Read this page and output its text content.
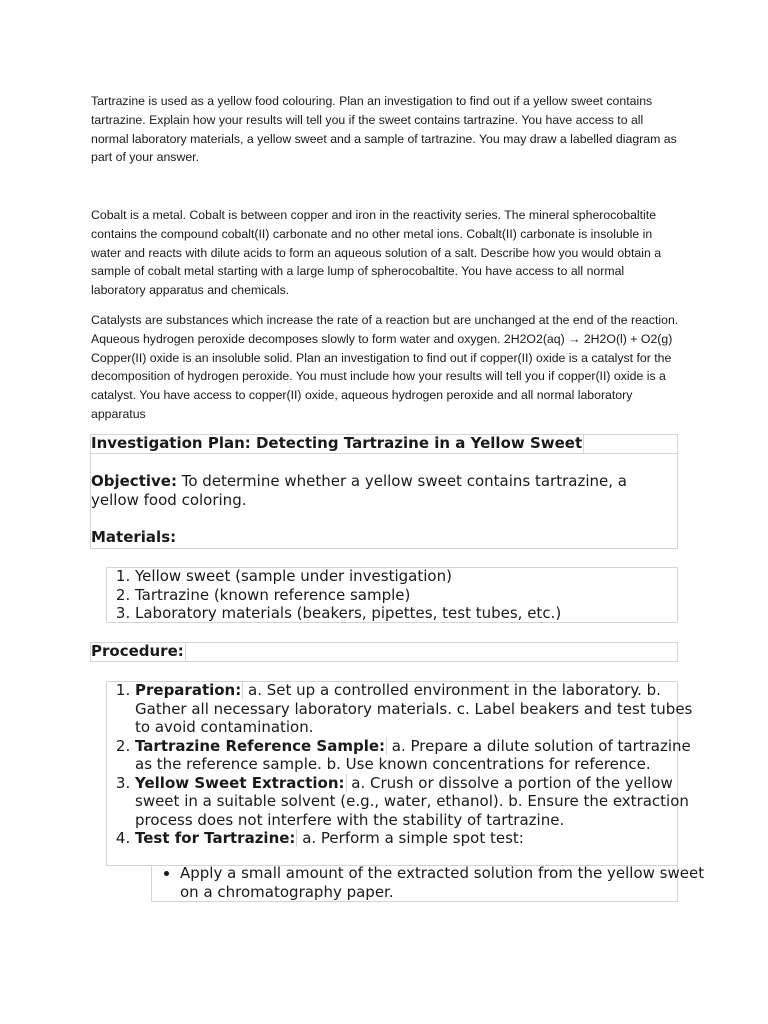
Tartrazine is used as a yellow food colouring. Plan an investigation to find out if a yellow sweet contains tartrazine. Explain how your results will tell you if the sweet contains tartrazine. You have access to all normal laboratory materials, a yellow sweet and a sample of tartrazine. You may draw a labelled diagram as part of your answer.

Cobalt is a metal. Cobalt is between copper and iron in the reactivity series. The mineral spherocobaltite contains the compound cobalt(II) carbonate and no other metal ions. Cobalt(II) carbonate is insoluble in water and reacts with dilute acids to form an aqueous solution of a salt. Describe how you would obtain a sample of cobalt metal starting with a large lump of spherocobaltite. You have access to all normal laboratory apparatus and chemicals.

Catalysts are substances which increase the rate of a reaction but are unchanged at the end of the reaction. Aqueous hydrogen peroxide decomposes slowly to form water and oxygen. 2H2O2(aq) → 2H2O(l) + O2(g) Copper(II) oxide is an insoluble solid. Plan an investigation to find out if copper(II) oxide is a catalyst for the decomposition of hydrogen peroxide. You must include how your results will tell you if copper(II) oxide is a catalyst. You have access to copper(II) oxide, aqueous hydrogen peroxide and all normal laboratory apparatus

Investigation Plan: Detecting Tartrazine in a Yellow Sweet

Objective: To determine whether a yellow sweet contains tartrazine, a yellow food coloring.

Materials:

1. Yellow sweet (sample under investigation)
2. Tartrazine (known reference sample)
3. Laboratory materials (beakers, pipettes, test tubes, etc.)

Procedure:

1. Preparation: a. Set up a controlled environment in the laboratory. b. Gather all necessary laboratory materials. c. Label beakers and test tubes to avoid contamination.
2. Tartrazine Reference Sample: a. Prepare a dilute solution of tartrazine as the reference sample. b. Use known concentrations for reference.
3. Yellow Sweet Extraction: a. Crush or dissolve a portion of the yellow sweet in a suitable solvent (e.g., water, ethanol). b. Ensure the extraction process does not interfere with the stability of tartrazine.
4. Test for Tartrazine: a. Perform a simple spot test:
• Apply a small amount of the extracted solution from the yellow sweet on a chromatography paper.
